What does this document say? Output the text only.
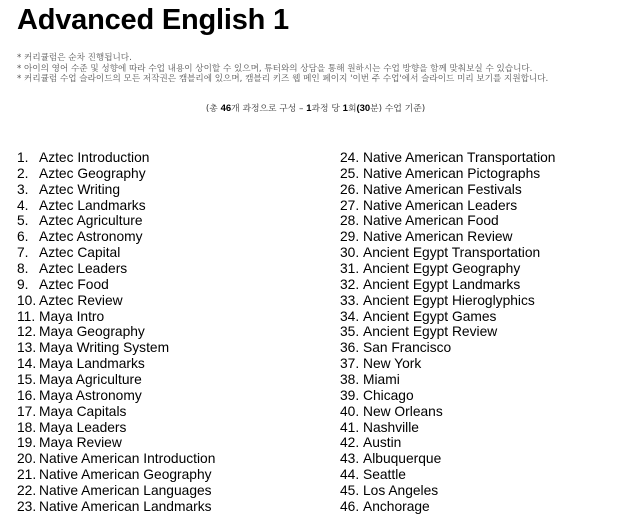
Advanced English 1
* 커리큘럼은 순차 진행됩니다.
* 아이의 영어 수준 및 성향에 따라 수업 내용이 상이할 수 있으며, 튜터와의 상담을 통해 원하시는 수업 방향을 함께 맞춰보실 수 있습니다.
* 커리큘럼 수업 슬라이드의 모든 저작권은 캠블리에 있으며, 캠블리 키즈 웹 메인 페이지 '이번 주 수업'에서 슬라이드 미리 보기를 지원합니다.
(총 46개 과정으로 구성 – 1과정 당 1회(30분) 수업 기준)
1. Aztec Introduction
2. Aztec Geography
3. Aztec Writing
4. Aztec Landmarks
5. Aztec Agriculture
6. Aztec Astronomy
7. Aztec Capital
8. Aztec Leaders
9. Aztec Food
10. Aztec Review
11. Maya Intro
12. Maya Geography
13. Maya Writing System
14. Maya Landmarks
15. Maya Agriculture
16. Maya Astronomy
17. Maya Capitals
18. Maya Leaders
19. Maya Review
20. Native American Introduction
21. Native American Geography
22. Native American Languages
23. Native American Landmarks
24. Native American Transportation
25. Native American Pictographs
26. Native American Festivals
27. Native American Leaders
28. Native American Food
29. Native American Review
30. Ancient Egypt Transportation
31. Ancient Egypt Geography
32. Ancient Egypt Landmarks
33. Ancient Egypt Hieroglyphics
34. Ancient Egypt Games
35. Ancient Egypt Review
36. San Francisco
37. New York
38. Miami
39. Chicago
40. New Orleans
41. Nashville
42. Austin
43. Albuquerque
44. Seattle
45. Los Angeles
46. Anchorage
